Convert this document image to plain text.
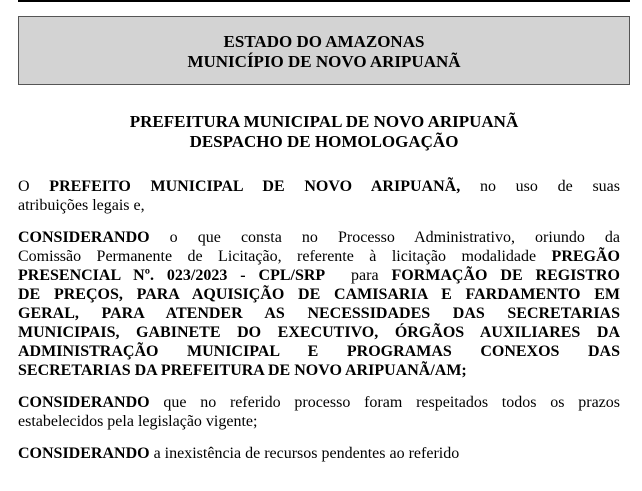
ESTADO DO AMAZONAS
MUNICÍPIO DE NOVO ARIPUANÃ
PREFEITURA MUNICIPAL DE NOVO ARIPUANÃ
DESPACHO DE HOMOLOGAÇÃO
O PREFEITO MUNICIPAL DE NOVO ARIPUANÃ, no uso de suas
atribuições legais e,
CONSIDERANDO o que consta no Processo Administrativo, oriundo da
Comissão Permanente de Licitação, referente à licitação modalidade PREGÃO
PRESENCIAL Nº. 023/2023 - CPL/SRP  para FORMAÇÃO DE REGISTRO
DE PREÇOS, PARA AQUISIÇÃO DE CAMISARIA E FARDAMENTO EM
GERAL, PARA ATENDER AS NECESSIDADES DAS SECRETARIAS
MUNICIPAIS, GABINETE DO EXECUTIVO, ÓRGÃOS AUXILIARES DA
ADMINISTRAÇÃO MUNICIPAL E PROGRAMAS CONEXOS DAS
SECRETARIAS DA PREFEITURA DE NOVO ARIPUANÃ/AM;
CONSIDERANDO que no referido processo foram respeitados todos os prazos
estabelecidos pela legislação vigente;
CONSIDERANDO a inexistência de recursos pendentes ao referido
